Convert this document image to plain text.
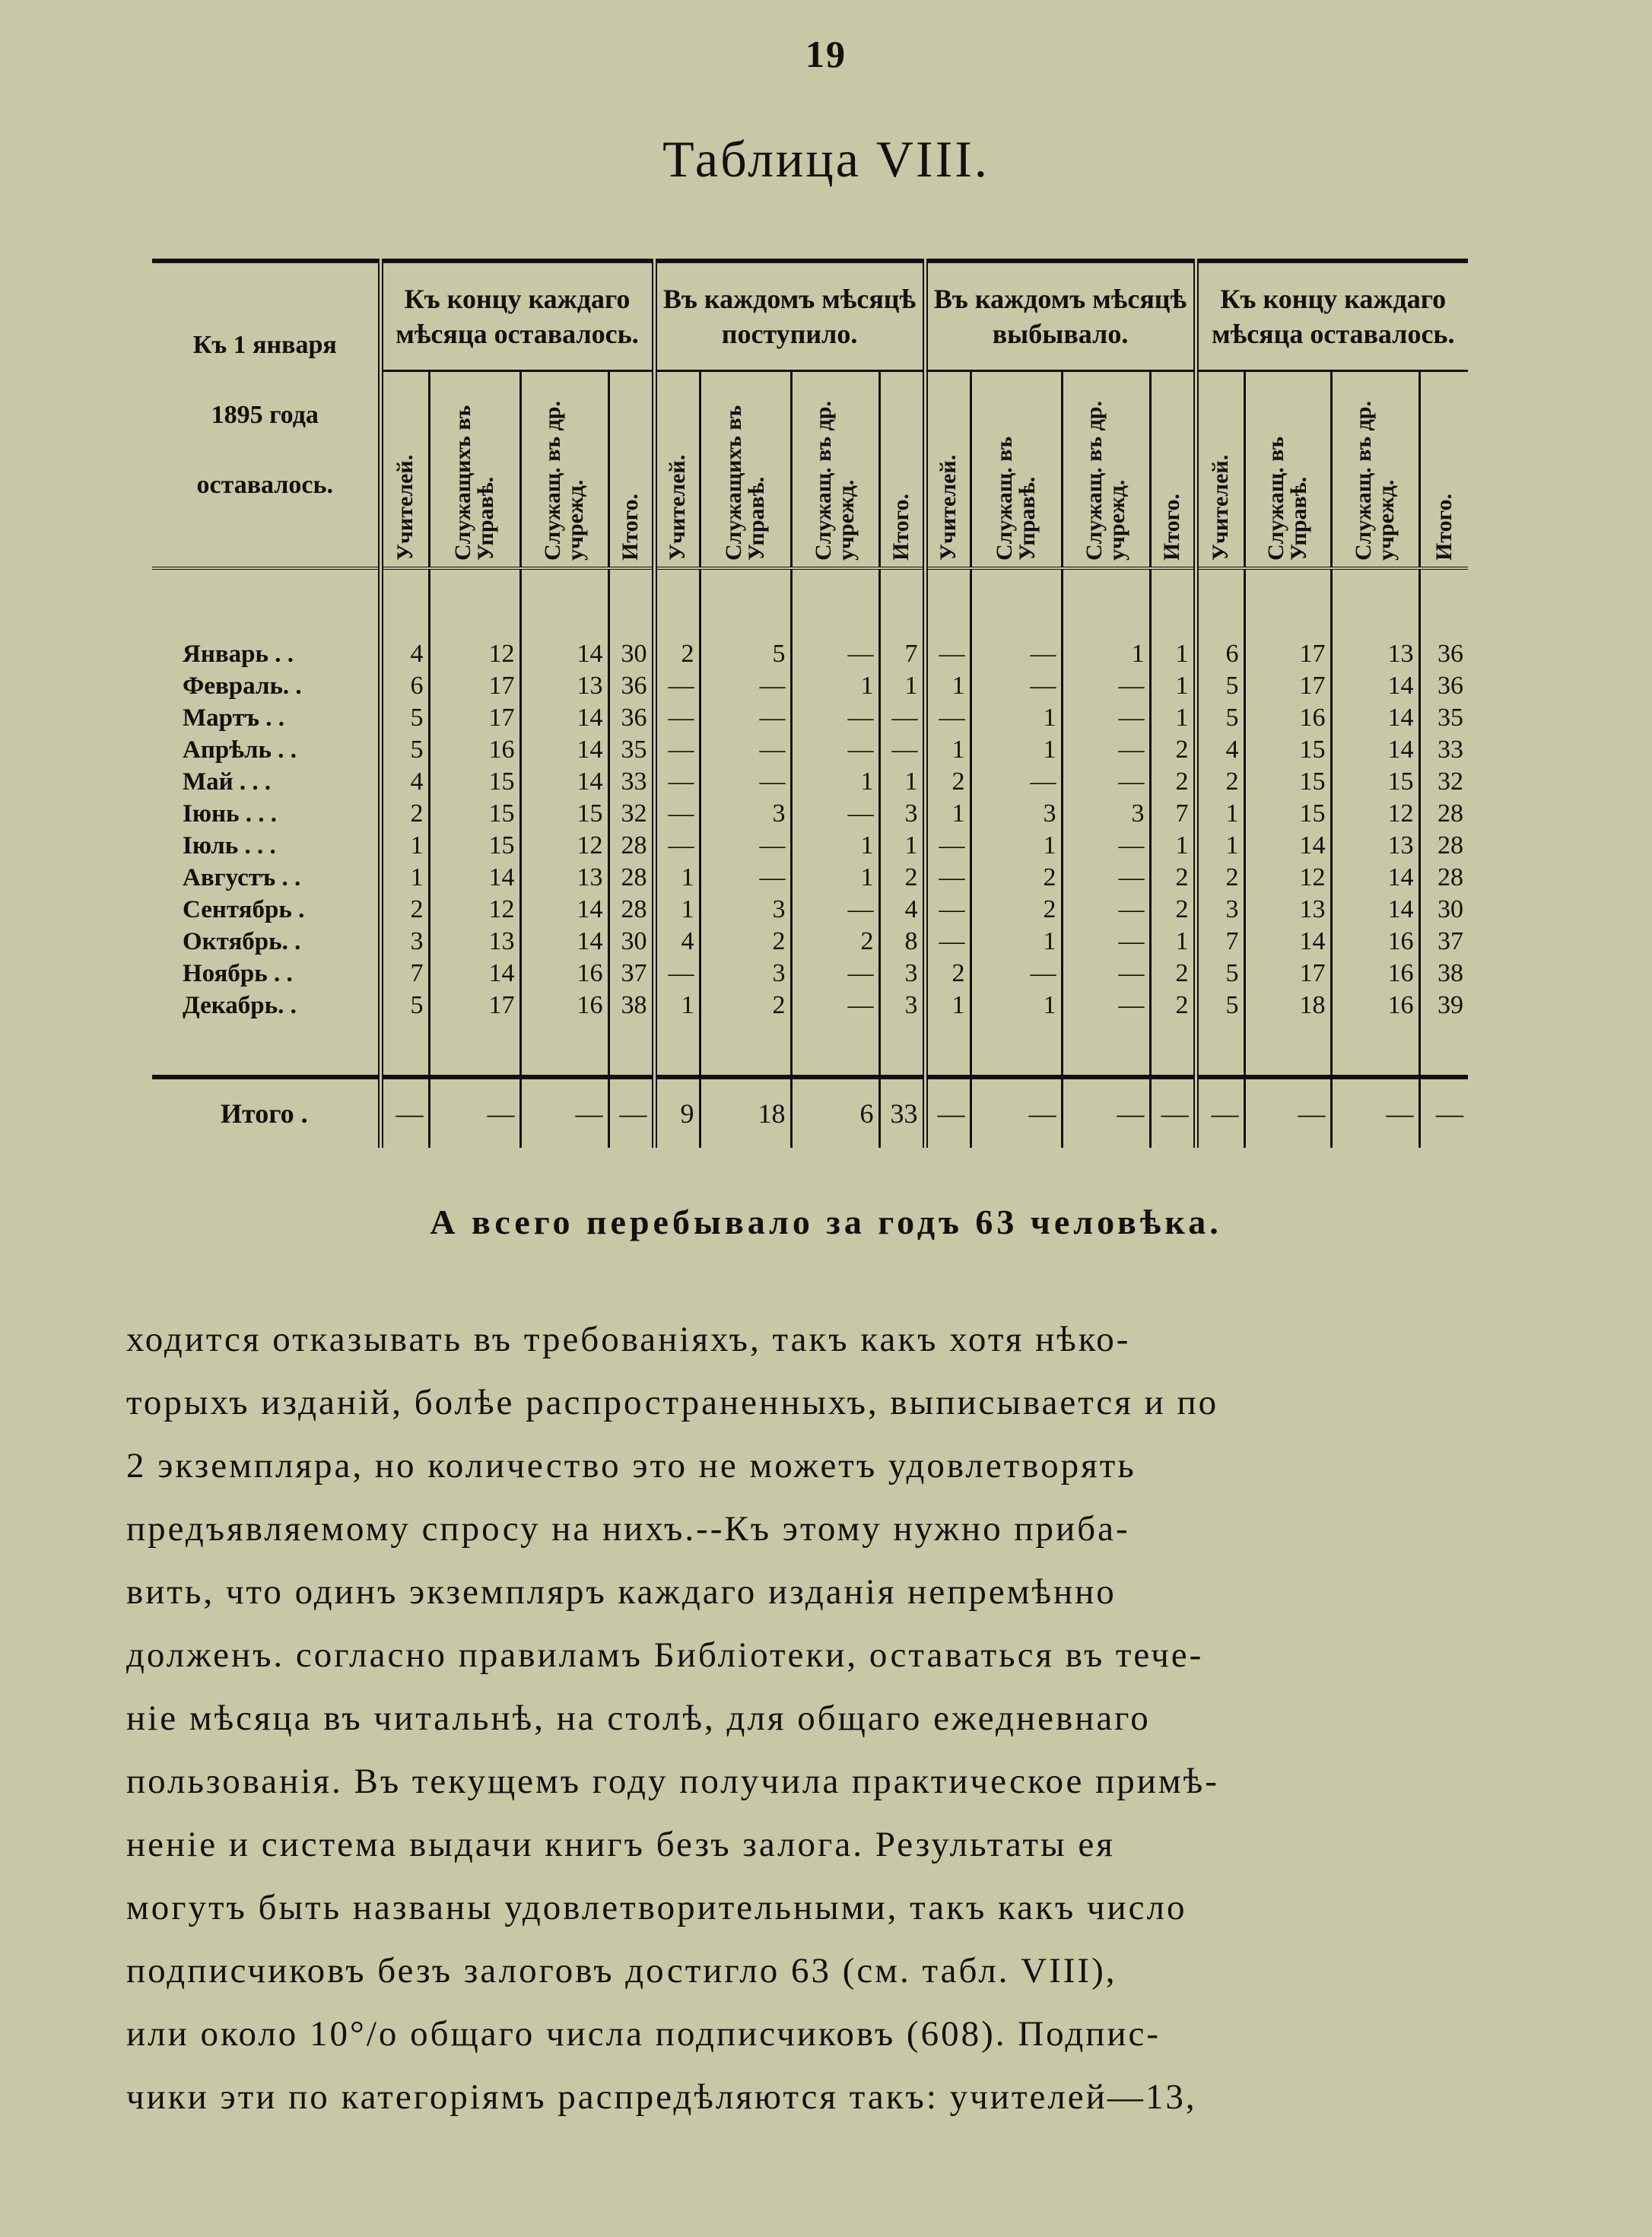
19
Таблица VIII.
Къ 1 января
1895 года
оставалось.	Къ концу каждаго мѣсяца оставалось.				Въ каждомъ мѣсяцѣ поступило.				Въ каждомъ мѣсяцѣ выбывало.				Къ концу каждаго мѣсяца оставалось.			

	Учителей.	Служащихъ въ Управѣ.	Служащ. въ др. учрежд.	Итого.	Учителей.	Служащихъ въ Управѣ.	Служащ. въ др. учрежд.	Итого.	Учителей.	Служащ. въ Управѣ.	Служащ. въ др. учрежд.	Итого.	Учителей.	Служащ. въ Управѣ.	Служащ. въ др. учрежд.	Итого.

Январь . .	4	12	14	30	2	5	—	7	—	—	1	1	6	17	13	36
Февраль. .	6	17	13	36	—	—	1	1	1	—	—	1	5	17	14	36
Мартъ . .	5	17	14	36	—	—	—	—	—	1	—	1	5	16	14	35
Апрѣль . .	5	16	14	35	—	—	—	—	1	1	—	2	4	15	14	33
Май . . .	4	15	14	33	—	—	1	1	2	—	—	2	2	15	15	32
Іюнь . . .	2	15	15	32	—	3	—	3	1	3	3	7	1	15	12	28
Іюль . . .	1	15	12	28	—	—	1	1	—	1	—	1	1	14	13	28
Августъ . .	1	14	13	28	1	—	1	2	—	2	—	2	2	12	14	28
Сентябрь .	2	12	14	28	1	3	—	4	—	2	—	2	3	13	14	30
Октябрь. .	3	13	14	30	4	2	2	8	—	1	—	1	7	14	16	37
Ноябрь . .	7	14	16	37	—	3	—	3	2	—	—	2	5	17	16	38
Декабрь. .	5	17	16	38	1	2	—	3	1	1	—	2	5	18	16	39

Итого .	—	—	—	—	9	18	6	33	—	—	—	—	—	—	—	—
А всего перебывало за годъ 63 человѣка.
ходится отказывать въ требованіяхъ, такъ какъ хотя нѣко-
торыхъ изданій, болѣе распространенныхъ, выписывается и по
2 экземпляра, но количество это не можетъ удовлетворять
предъявляемому спросу на нихъ.--Къ этому нужно приба-
вить, что одинъ экземпляръ каждаго изданія непремѣнно
долженъ. согласно правиламъ Библіотеки, оставаться въ тече-
ніе мѣсяца въ читальнѣ, на столѣ, для общаго ежедневнаго
пользованія. Въ текущемъ году получила практическое примѣ-
неніе и система выдачи книгъ безъ залога. Результаты ея
могутъ быть названы удовлетворительными, такъ какъ число
подписчиковъ безъ залоговъ достигло 63 (см. табл. VIII),
или около 10°/о общаго числа подписчиковъ (608). Подпис-
чики эти по категоріямъ распредѣляются такъ: учителей—13,
